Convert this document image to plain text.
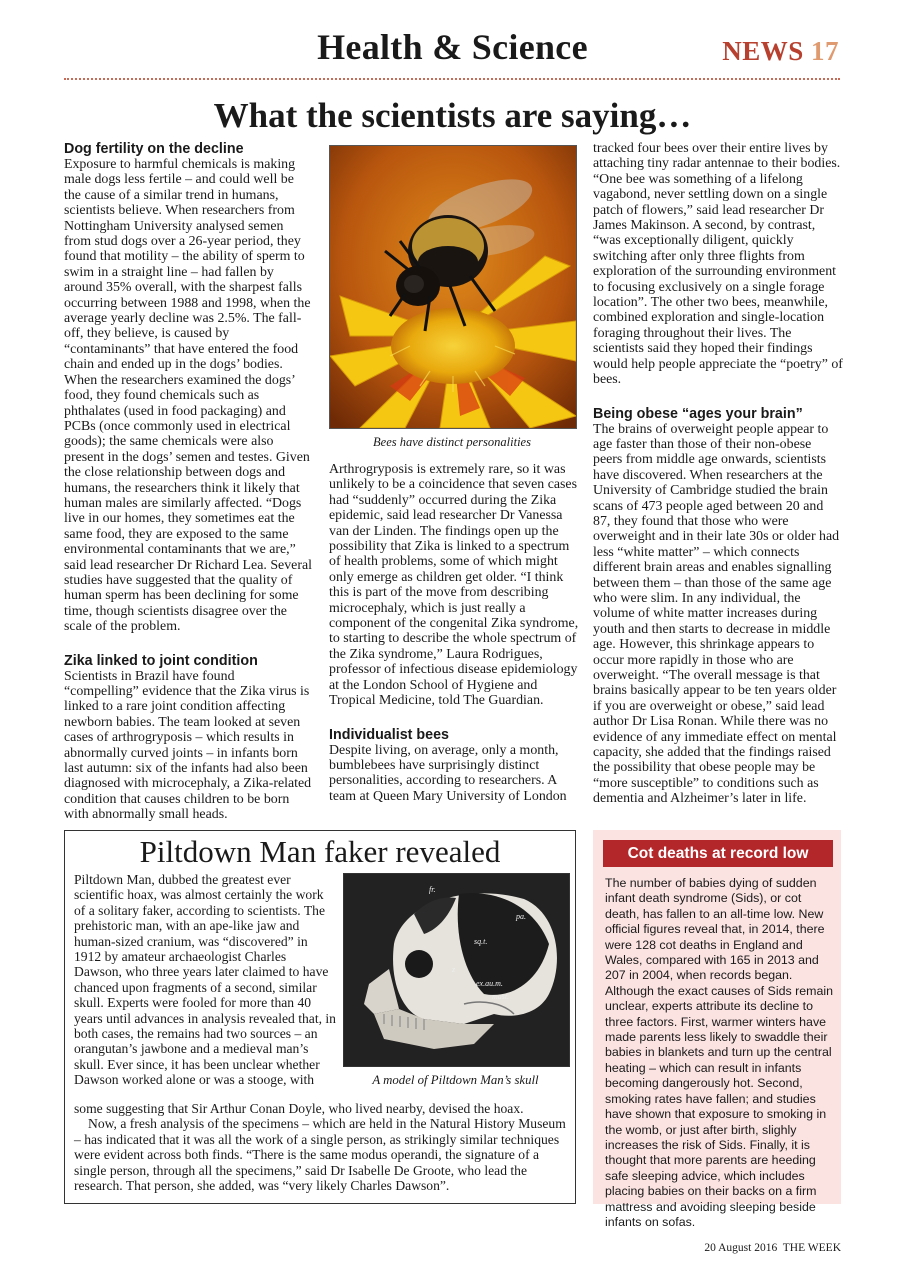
Health & Science	NEWS 17
What the scientists are saying…
Dog fertility on the decline

Exposure to harmful chemicals is making male dogs less fertile – and could well be the cause of a similar trend in humans, scientists believe. When researchers from Nottingham University analysed semen from stud dogs over a 26-year period, they found that motility – the ability of sperm to swim in a straight line – had fallen by around 35% overall, with the sharpest falls occurring between 1988 and 1998, when the average yearly decline was 2.5%. The fall-off, they believe, is caused by “contaminants” that have entered the food chain and ended up in the dogs’ bodies. When the researchers examined the dogs’ food, they found chemicals such as phthalates (used in food packaging) and PCBs (once commonly used in electrical goods); the same chemicals were also present in the dogs’ semen and testes. Given the close relationship between dogs and humans, the researchers think it likely that human males are similarly affected. “Dogs live in our homes, they sometimes eat the same food, they are exposed to the same environmental contaminants that we are,” said lead researcher Dr Richard Lea. Several studies have suggested that the quality of human sperm has been declining for some time, though scientists disagree over the scale of the problem.

Zika linked to joint condition

Scientists in Brazil have found “compelling” evidence that the Zika virus is linked to a rare joint condition affecting newborn babies. The team looked at seven cases of arthrogryposis – which results in abnormally curved joints – in infants born last autumn: six of the infants had also been diagnosed with microcephaly, a Zika-related condition that causes children to be born with abnormally small heads.

Bees have distinct personalities

Arthrogryposis is extremely rare, so it was unlikely to be a coincidence that seven cases had “suddenly” occurred during the Zika epidemic, said lead researcher Dr Vanessa van der Linden. The findings open up the possibility that Zika is linked to a spectrum of health problems, some of which might only emerge as children get older. “I think this is part of the move from describing microcephaly, which is just really a component of the congenital Zika syndrome, to starting to describe the whole spectrum of the Zika syndrome,” Laura Rodrigues, professor of infectious disease epidemiology at the London School of Hygiene and Tropical Medicine, told The Guardian.

Individualist bees

Despite living, on average, only a month, bumblebees have surprisingly distinct personalities, according to researchers. A team at Queen Mary University of London

tracked four bees over their entire lives by attaching tiny radar antennae to their bodies. “One bee was something of a lifelong vagabond, never settling down on a single patch of flowers,” said lead researcher Dr James Makinson. A second, by contrast, “was exceptionally diligent, quickly switching after only three flights from exploration of the surrounding environment to focusing exclusively on a single forage location”. The other two bees, meanwhile, combined exploration and single-location foraging throughout their lives. The scientists said they hoped their findings would help people appreciate the “poetry” of bees.

Being obese “ages your brain”

The brains of overweight people appear to age faster than those of their non-obese peers from middle age onwards, scientists have discovered. When researchers at the University of Cambridge studied the brain scans of 473 people aged between 20 and 87, they found that those who were overweight and in their late 30s or older had less “white matter” – which connects different brain areas and enables signalling between them – than those of the same age who were slim. In any individual, the volume of white matter increases during youth and then starts to decrease in middle age. However, this shrinkage appears to occur more rapidly in those who are overweight. “The overall message is that brains basically appear to be ten years older if you are overweight or obese,” said lead author Dr Lisa Ronan. While there was no evidence of any immediate effect on mental capacity, she added that the findings raised the possibility that obese people may be “more susceptible” to conditions such as dementia and Alzheimer’s later in life.

Piltdown Man faker revealed
fr.
pa.
sq.t.
z
ex.au.m.
mast.
A model of Piltdown Man’s skull
Piltdown Man, dubbed the greatest ever scientific hoax, was almost certainly the work of a solitary faker, according to scientists. The prehistoric man, with an ape-like jaw and human-sized cranium, was “discovered” in 1912 by amateur archaeologist Charles Dawson, who three years later claimed to have chanced upon fragments of a second, similar skull. Experts were fooled for more than 40 years until advances in analysis revealed that, in both cases, the remains had two sources – an orangutan’s jawbone and a medieval man’s skull. Ever since, it has been unclear whether Dawson worked alone or was a stooge, with

some suggesting that Sir Arthur Conan Doyle, who lived nearby, devised the hoax.

Now, a fresh analysis of the specimens – which are held in the Natural History Museum – has indicated that it was all the work of a single person, as strikingly similar techniques were evident across both finds. “There is the same modus operandi, the signature of a single person, through all the specimens,” said Dr Isabelle De Groote, who lead the research. That person, she added, was “very likely Charles Dawson”.

Cot deaths at record low
The number of babies dying of sudden infant death syndrome (Sids), or cot death, has fallen to an all-time low. New official figures reveal that, in 2014, there were 128 cot deaths in England and Wales, compared with 165 in 2013 and 207 in 2004, when records began. Although the exact causes of Sids remain unclear, experts attribute its decline to three factors. First, warmer winters have made parents less likely to swaddle their babies in blankets and turn up the central heating – which can result in infants becoming dangerously hot. Second, smoking rates have fallen; and studies have shown that exposure to smoking in the womb, or just after birth, slighly increases the risk of Sids. Finally, it is thought that more parents are heeding safe sleeping advice, which includes placing babies on their backs on a firm mattress and avoiding sleeping beside infants on sofas.
20 August 2016 THE WEEK
